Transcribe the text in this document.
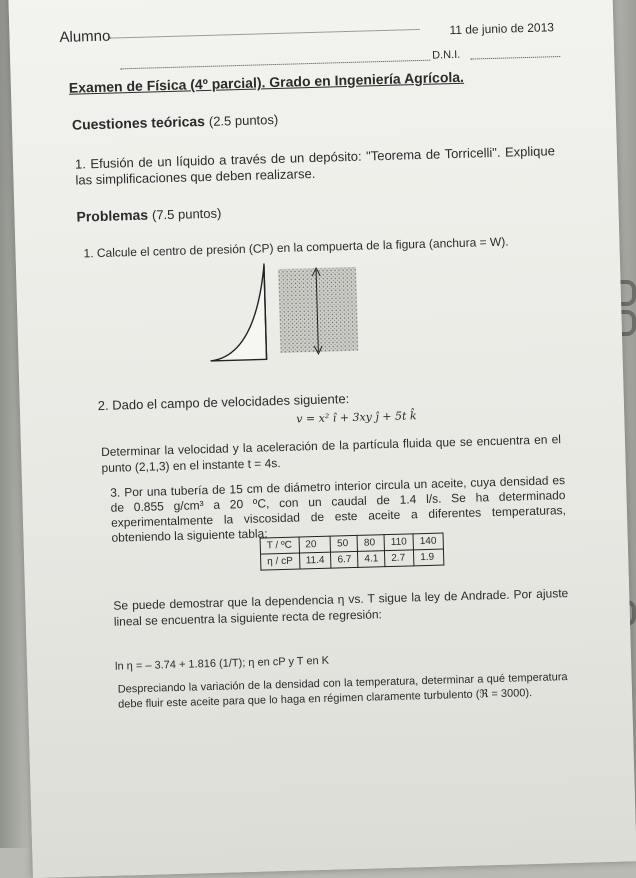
Alumno	11 de junio de 2013
D.N.I.
Examen de Física (4º parcial). Grado en Ingeniería Agrícola.
Cuestiones teóricas (2.5 puntos)
1. Efusión de un líquido a través de un depósito: "Teorema de Torricelli". Explique las simplificaciones que deben realizarse.
Problemas (7.5 puntos)
1. Calcule el centro de presión (CP) en la compuerta de la figura (anchura = W).
2. Dado el campo de velocidades siguiente:
v = x² î + 3xy ĵ + 5t k̂
Determinar la velocidad y la aceleración de la partícula fluida que se encuentra en el punto (2,1,3) en el instante t = 4s.
3. Por una tubería de 15 cm de diámetro interior circula un aceite, cuya densidad es de 0.855 g/cm³ a 20 ºC, con un caudal de 1.4 l/s. Se ha determinado experimentalmente la viscosidad de este aceite a diferentes temperaturas, obteniendo la siguiente tabla:
T / ºC	20	50	80	110	140
η / cP	11.4	6.7	4.1	2.7	1.9
Se puede demostrar que la dependencia η vs. T sigue la ley de Andrade. Por ajuste lineal se encuentra la siguiente recta de regresión:
ln η = – 3.74 + 1.816 (1/T); η en cP y T en K
Despreciando la variación de la densidad con la temperatura, determinar a qué temperatura debe fluir este aceite para que lo haga en régimen claramente turbulento (ℜ = 3000).
